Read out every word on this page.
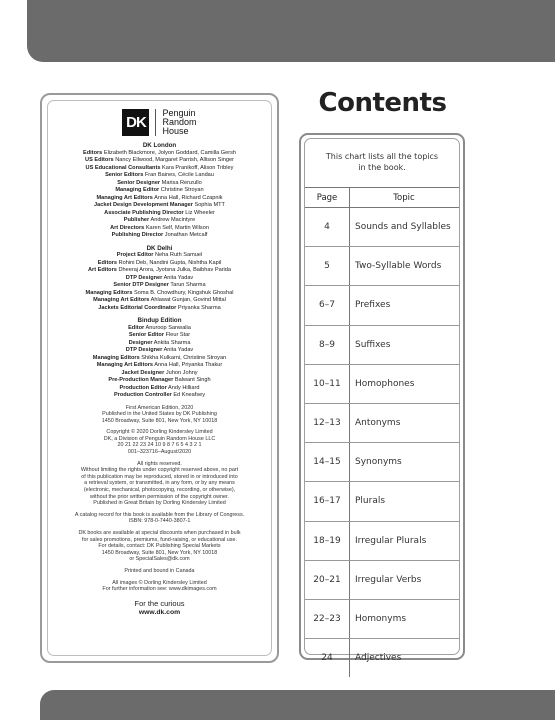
DK
Penguin
Random
House
DK London
Editors Elizabeth Blackmore, Jolyon Goddard, Camilla Gersh
US Editors Nancy Ellwood, Margaret Parrish, Allison Singer
US Educational Consultants Kara Pranikoff, Alison Tribley
Senior Editors Fran Baines, Cécile Landau
Senior Designer Marisa Renzullo
Managing Editor Christine Stroyan
Managing Art Editors Anna Hall, Richard Czapnik
Jacket Design Development Manager Sophia MTT
Associate Publishing Director Liz Wheeler
Publisher Andrew Macintyre
Art Directors Karen Self, Martin Wilson
Publishing Director Jonathan Metcalf
DK Delhi
Project Editor Neha Ruth Samuel
Editors Rohini Deb, Nandini Gupta, Nishtha Kapil
Art Editors Dheeraj Arora, Jyotsna Julka, Baibhav Parida
DTP Designer Anita Yadav
Senior DTP Designer Tarun Sharma
Managing Editors Soma B. Chowdhury, Kingshuk Ghoshal
Managing Art Editors Ahlawat Gunjan, Govind Mittal
Jackets Editorial Coordinator Priyanka Sharma
Bindup Edition
Editor Anuroop Sanwalia
Senior Editor Fleur Star
Designer Ankita Sharma
DTP Designer Anita Yadav
Managing Editors Shikha Kulkarni, Christine Stroyan
Managing Art Editors Anna Hall, Priyanka Thakur
Jacket Designer Juhon Johny
Pre-Production Manager Balwant Singh
Production Editor Andy Hilliard
Production Controller Ed Kneafsey
First American Edition, 2020
Published in the United States by DK Publishing
1450 Broadway, Suite 801, New York, NY 10018
Copyright © 2020 Dorling Kindersley Limited
DK, a Division of Penguin Random House LLC
20 21 22 23 24 10 9 8 7 6 5 4 3 2 1
001–323716–August/2020
All rights reserved.
Without limiting the rights under copyright reserved above, no part
of this publication may be reproduced, stored in or introduced into
a retrieval system, or transmitted, in any form, or by any means
(electronic, mechanical, photocopying, recording, or otherwise),
without the prior written permission of the copyright owner.
Published in Great Britain by Dorling Kindersley Limited
A catalog record for this book is available from the Library of Congress.
ISBN: 978-0-7440-3807-1
DK books are available at special discounts when purchased in bulk
for sales promotions, premiums, fund-raising, or educational use.
For details, contact: DK Publishing Special Markets
1450 Broadway, Suite 801, New York, NY 10018
or SpecialSales@dk.com
Printed and bound in Canada
All images © Dorling Kindersley Limited
For further information see: www.dkimages.com
For the curious
www.dk.com
Contents
This chart lists all the topics
in the book.
Page	Topic
4	Sounds and Syllables
5	Two-Syllable Words
6–7	Prefixes
8–9	Suffixes
10–11	Homophones
12–13	Antonyms
14–15	Synonyms
16–17	Plurals
18–19	Irregular Plurals
20–21	Irregular Verbs
22–23	Homonyms
24	Adjectives
